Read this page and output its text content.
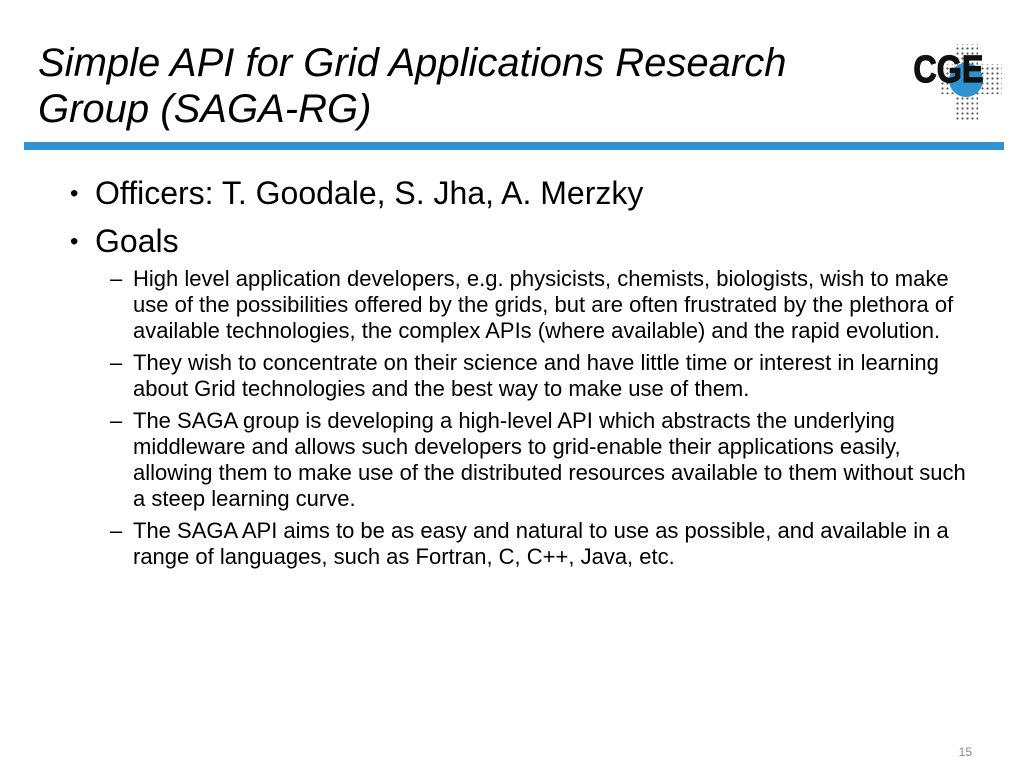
Simple API for Grid Applications Research
Group (SAGA-RG)
CGE
• Officers: T. Goodale, S. Jha, A. Merzky
• Goals
– High level application developers, e.g. physicists, chemists, biologists, wish to make use of the possibilities offered by the grids, but are often frustrated by the plethora of available technologies, the complex APIs (where available) and the rapid evolution.
– They wish to concentrate on their science and have little time or interest in learning about Grid technologies and the best way to make use of them.
– The SAGA group is developing a high-level API which abstracts the underlying middleware and allows such developers to grid-enable their applications easily, allowing them to make use of the distributed resources available to them without such a steep learning curve.
– The SAGA API aims to be as easy and natural to use as possible, and available in a range of languages, such as Fortran, C, C++, Java, etc.
15
